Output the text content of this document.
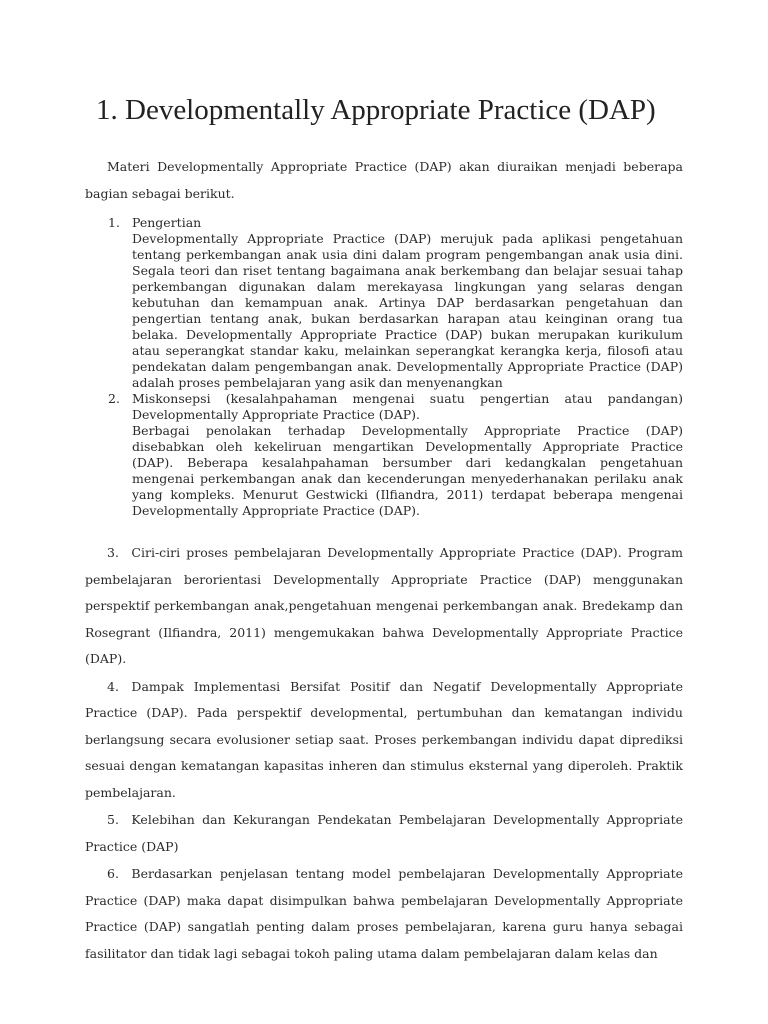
1. Developmentally Appropriate Practice (DAP)
Materi Developmentally Appropriate Practice (DAP) akan diuraikan menjadi beberapa bagian sebagai berikut.
1. Pengertian
Developmentally Appropriate Practice (DAP) merujuk pada aplikasi pengetahuan tentang perkembangan anak usia dini dalam program pengembangan anak usia dini. Segala teori dan riset tentang bagaimana anak berkembang dan belajar sesuai tahap perkembangan digunakan dalam merekayasa lingkungan yang selaras dengan kebutuhan dan kemampuan anak. Artinya DAP berdasarkan pengetahuan dan pengertian tentang anak, bukan berdasarkan harapan atau keinginan orang tua belaka. Developmentally Appropriate Practice (DAP) bukan merupakan kurikulum atau seperangkat standar kaku, melainkan seperangkat kerangka kerja, filosofi atau pendekatan dalam pengembangan anak. Developmentally Appropriate Practice (DAP) adalah proses pembelajaran yang asik dan menyenangkan
2. Miskonsepsi (kesalahpahaman mengenai suatu pengertian atau pandangan) Developmentally Appropriate Practice (DAP).
Berbagai penolakan terhadap Developmentally Appropriate Practice (DAP) disebabkan oleh kekeliruan mengartikan Developmentally Appropriate Practice (DAP). Beberapa kesalahpahaman bersumber dari kedangkalan pengetahuan mengenai perkembangan anak dan kecenderungan menyederhanakan perilaku anak yang kompleks. Menurut Gestwicki (Ilfiandra, 2011) terdapat beberapa mengenai Developmentally Appropriate Practice (DAP).

3. Ciri-ciri proses pembelajaran Developmentally Appropriate Practice (DAP). Program pembelajaran berorientasi Developmentally Appropriate Practice (DAP) menggunakan perspektif perkembangan anak,pengetahuan mengenai perkembangan anak. Bredekamp dan Rosegrant (Ilfiandra, 2011) mengemukakan bahwa Developmentally Appropriate Practice (DAP).

4. Dampak Implementasi Bersifat Positif dan Negatif Developmentally Appropriate Practice (DAP). Pada perspektif developmental, pertumbuhan dan kematangan individu berlangsung secara evolusioner setiap saat. Proses perkembangan individu dapat diprediksi sesuai dengan kematangan kapasitas inheren dan stimulus eksternal yang diperoleh. Praktik pembelajaran.

5. Kelebihan dan Kekurangan Pendekatan Pembelajaran Developmentally Appropriate Practice (DAP)

6. Berdasarkan penjelasan tentang model pembelajaran Developmentally Appropriate Practice (DAP) maka dapat disimpulkan bahwa pembelajaran Developmentally Appropriate Practice (DAP) sangatlah penting dalam proses pembelajaran, karena guru hanya sebagai fasilitator dan tidak lagi sebagai tokoh paling utama dalam pembelajaran dalam kelas dan
